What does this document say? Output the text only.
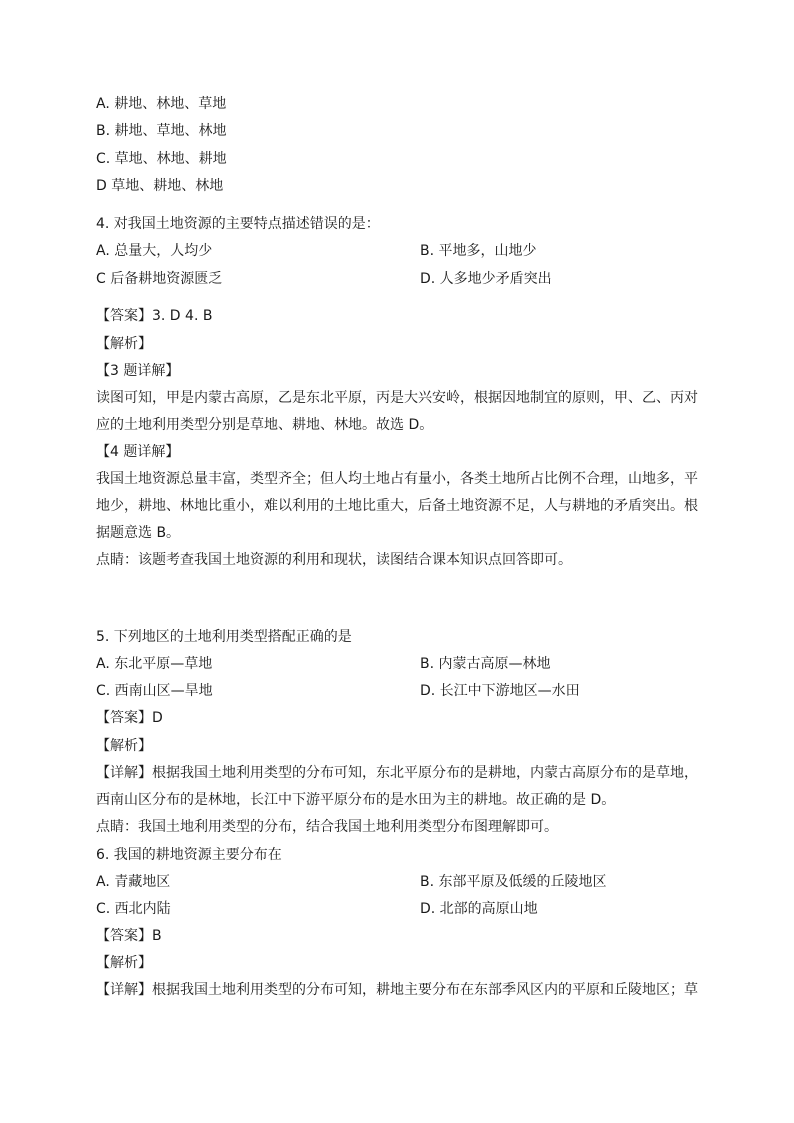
A. 耕地、林地、草地
B. 耕地、草地、林地
C. 草地、林地、耕地
D 草地、耕地、林地
4. 对我国土地资源的主要特点描述错误的是：
A. 总量大，人均少	B. 平地多，山地少
C 后备耕地资源匮乏	D. 人多地少矛盾突出
【答案】3. D 4. B
【解析】
【3 题详解】
读图可知，甲是内蒙古高原，乙是东北平原，丙是大兴安岭，根据因地制宜的原则，甲、乙、丙对
应的土地利用类型分别是草地、耕地、林地。故选 D。
【4 题详解】
我国土地资源总量丰富，类型齐全；但人均土地占有量小，各类土地所占比例不合理，山地多，平
地少，耕地、林地比重小，难以利用的土地比重大，后备土地资源不足，人与耕地的矛盾突出。根
据题意选 B。
点睛：该题考查我国土地资源的利用和现状，读图结合课本知识点回答即可。
5. 下列地区的土地利用类型搭配正确的是
A. 东北平原—草地	B. 内蒙古高原—林地
C. 西南山区—旱地	D. 长江中下游地区—水田
【答案】D
【解析】
【详解】根据我国土地利用类型的分布可知，东北平原分布的是耕地，内蒙古高原分布的是草地，
西南山区分布的是林地，长江中下游平原分布的是水田为主的耕地。故正确的是 D。
点睛：我国土地利用类型的分布，结合我国土地利用类型分布图理解即可。
6. 我国的耕地资源主要分布在
A. 青藏地区	B. 东部平原及低缓的丘陵地区
C. 西北内陆	D. 北部的高原山地
【答案】B
【解析】
【详解】根据我国土地利用类型的分布可知，耕地主要分布在东部季风区内的平原和丘陵地区；草
